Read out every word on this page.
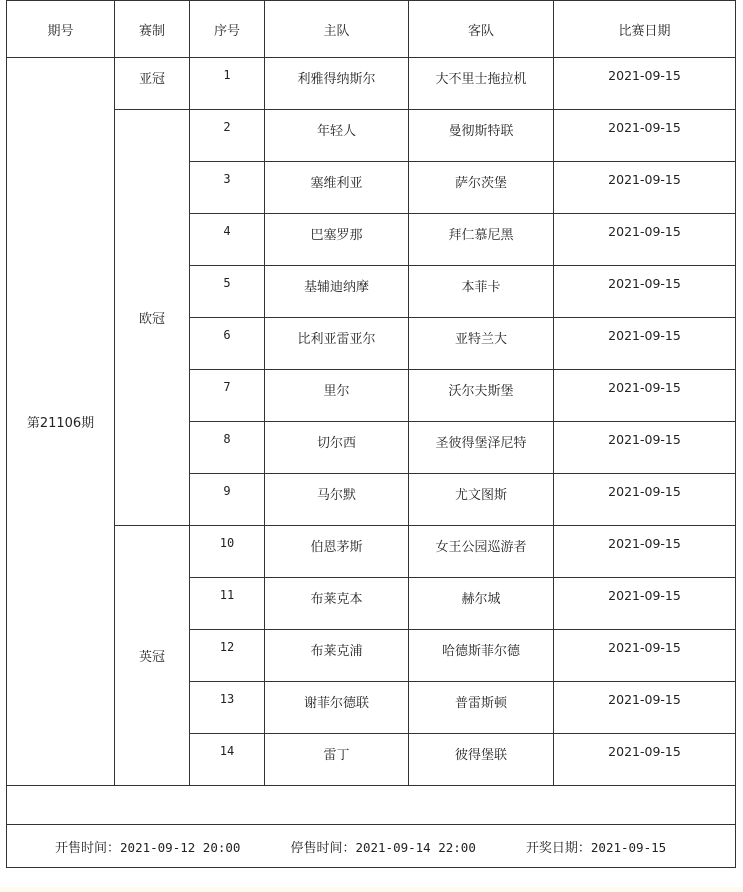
期号	赛制	序号	主队	客队	比赛日期
第21106期	亚冠	1	利雅得纳斯尔	大不里士拖拉机	2021-09-15
	欧冠	2	年轻人	曼彻斯特联	2021-09-15
		3	塞维利亚	萨尔茨堡	2021-09-15
		4	巴塞罗那	拜仁慕尼黑	2021-09-15
		5	基辅迪纳摩	本菲卡	2021-09-15
		6	比利亚雷亚尔	亚特兰大	2021-09-15
		7	里尔	沃尔夫斯堡	2021-09-15
		8	切尔西	圣彼得堡泽尼特	2021-09-15
		9	马尔默	尤文图斯	2021-09-15
	英冠	10	伯恩茅斯	女王公园巡游者	2021-09-15
		11	布莱克本	赫尔城	2021-09-15
		12	布莱克浦	哈德斯菲尔德	2021-09-15
		13	谢菲尔德联	普雷斯顿	2021-09-15
		14	雷丁	彼得堡联	2021-09-15

开售时间：2021-09-12 20:00 停售时间：2021-09-14 22:00 开奖日期：2021-09-15					
